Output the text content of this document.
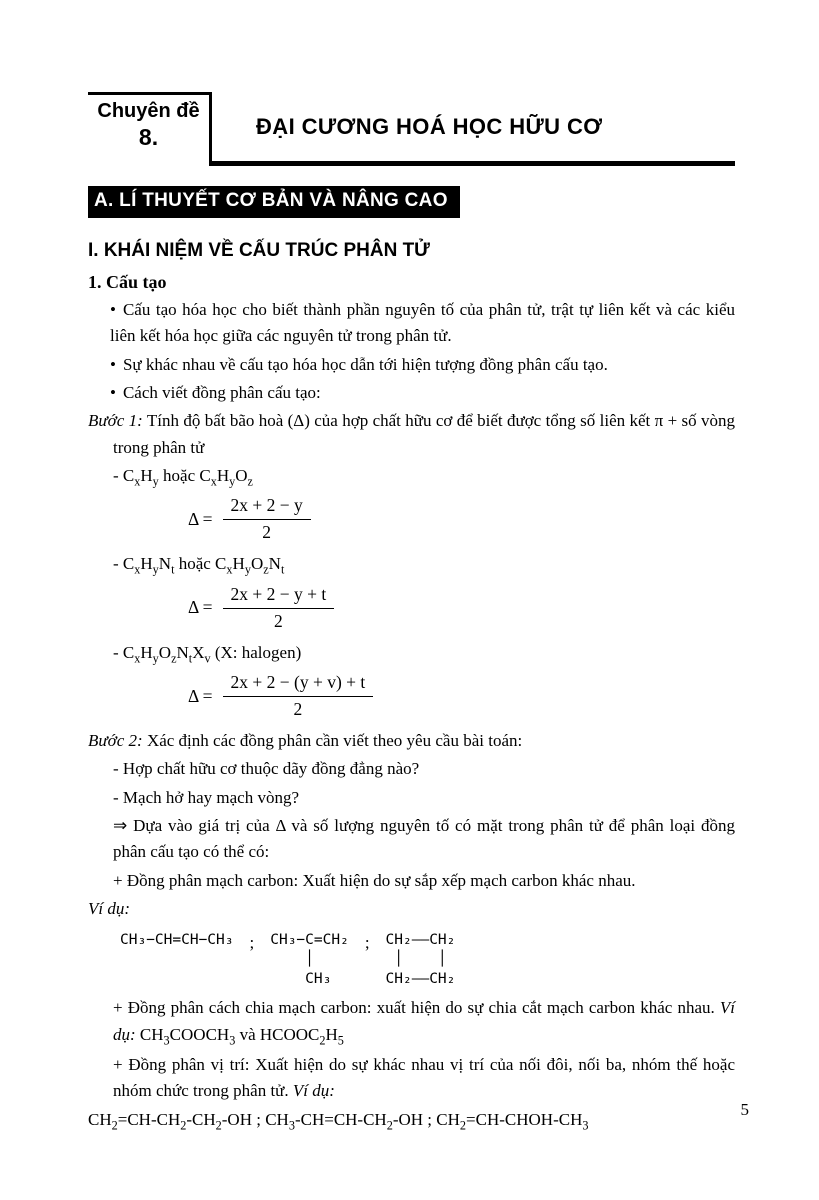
Chuyên đề
8.	ĐẠI CƯƠNG HOÁ HỌC HỮU CƠ
A. LÍ THUYẾT CƠ BẢN VÀ NÂNG CAO
I. KHÁI NIỆM VỀ CẤU TRÚC PHÂN TỬ
1. Cấu tạo

• Cấu tạo hóa học cho biết thành phần nguyên tố của phân tử, trật tự liên kết và các kiểu liên kết hóa học giữa các nguyên tử trong phân tử.

• Sự khác nhau về cấu tạo hóa học dẫn tới hiện tượng đồng phân cấu tạo.

• Cách viết đồng phân cấu tạo:

Bước 1: Tính độ bất bão hoà (Δ) của hợp chất hữu cơ để biết được tổng số liên kết π + số vòng trong phân tử

- $C_xH_y$ hoặc $C_xH_yO_z$

$\Delta = \frac{2x + 2 - y}{2}$

- $C_xH_yN_t$ hoặc $C_xH_yO_zN_t$

$\Delta = \frac{2x + 2 - y + t}{2}$

- $C_xH_yO_zN_tX_v$ (X: halogen)

$\Delta = \frac{2x + 2 - (y + v) + t}{2}$

Bước 2: Xác định các đồng phân cần viết theo yêu cầu bài toán:

- Hợp chất hữu cơ thuộc dãy đồng đẳng nào?

- Mạch hở hay mạch vòng?

⇒ Dựa vào giá trị của Δ và số lượng nguyên tố có mặt trong phân tử để phân loại đồng phân cấu tạo có thể có:

+ Đồng phân mạch carbon: Xuất hiện do sự sắp xếp mạch carbon khác nhau.

Ví dụ:

CH₃−CH=CH−CH₃ ; CH₃−C=CH₂
│
CH₃
; CH₂——CH₂
│    │
CH₂——CH₂

+ Đồng phân cách chia mạch carbon: xuất hiện do sự chia cắt mạch carbon khác nhau. Ví dụ: $CH_3COOCH_3$ và $HCOOC_2H_5$

+ Đồng phân vị trí: Xuất hiện do sự khác nhau vị trí của nối đôi, nối ba, nhóm thế hoặc nhóm chức trong phân tử. Ví dụ:

$CH_2=CH-CH_2-CH_2-OH$ ; $CH_3-CH=CH-CH_2-OH$ ; $CH_2=CH-CHOH-CH_3$

5
